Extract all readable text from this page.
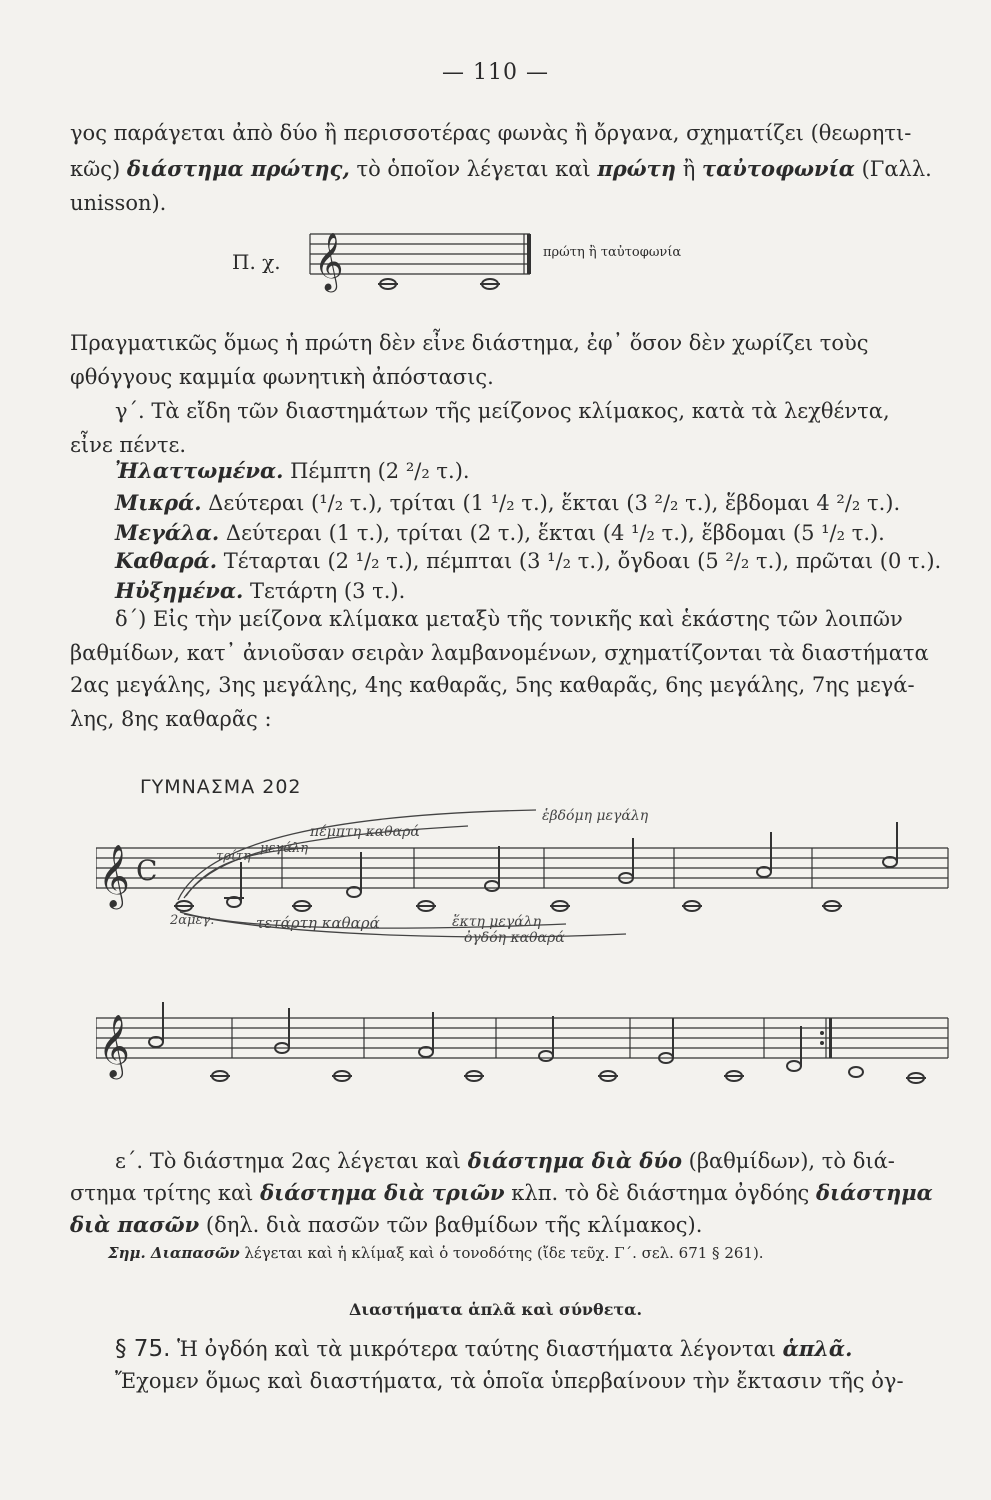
— 110 —
γος παράγεται ἀπὸ δύο ἢ περισσοτέρας φωνὰς ἢ ὄργανα, σχηματίζει (θεωρητι-
κῶς) διάστημα πρώτης, τὸ ὁποῖον λέγεται καὶ πρώτη ἢ ταὐτοφωνία (Γαλλ.
unisson).
Π. χ. 𝄞	πρώτη ἢ ταὐτοφωνία
Πραγματικῶς ὅμως ἡ πρώτη δὲν εἶνε διάστημα, ἐφ᾿ ὅσον δὲν χωρίζει τοὺς
φθόγγους καμμία φωνητικὴ ἀπόστασις.
γ΄. Τὰ εἴδη τῶν διαστημάτων τῆς μείζονος κλίμακος, κατὰ τὰ λεχθέντα,
εἶνε πέντε.
Ἠλαττωμένα. Πέμπτη (2 ²/₂ τ.).
Μικρά. Δεύτεραι (¹/₂ τ.), τρίται (1 ¹/₂ τ.), ἕκται (3 ²/₂ τ.), ἕβδομαι 4 ²/₂ τ.).
Μεγάλα. Δεύτεραι (1 τ.), τρίται (2 τ.), ἕκται (4 ¹/₂ τ.), ἕβδομαι (5 ¹/₂ τ.).
Καθαρά. Τέταρται (2 ¹/₂ τ.), πέμπται (3 ¹/₂ τ.), ὄγδοαι (5 ²/₂ τ.), πρῶται (0 τ.).
Ηὐξημένα. Τετάρτη (3 τ.).
δ΄) Εἰς τὴν μείζονα κλίμακα μεταξὺ τῆς τονικῆς καὶ ἑκάστης τῶν λοιπῶν
βαθμίδων, κατ᾿ ἀνιοῦσαν σειρὰν λαμβανομένων, σχηματίζονται τὰ διαστήματα
2ας μεγάλης, 3ης μεγάλης, 4ης καθαρᾶς, 5ης καθαρᾶς, 6ης μεγάλης, 7ης μεγά-
λης, 8ης καθαρᾶς :
ΓΥΜΝΑΣΜΑ 202
𝄞 C
ἑβδόμη μεγάλη
πέμπτη καθαρά
τρίτη
μεγάλη
2αμεγ.	τετάρτη καθαρά	ἕκτη μεγάλη
ὀγδόη καθαρά
𝄞
ε΄. Τὸ διάστημα 2ας λέγεται καὶ διάστημα διὰ δύο (βαθμίδων), τὸ διά-
στημα τρίτης καὶ διάστημα διὰ τριῶν κλπ. τὸ δὲ διάστημα ὀγδόης διάστημα
διὰ πασῶν (δηλ. διὰ πασῶν τῶν βαθμίδων τῆς κλίμακος).
Σημ. Διαπασῶν λέγεται καὶ ἡ κλίμαξ καὶ ὁ τονοδότης (ἴδε τεῦχ. Γ΄. σελ. 671 § 261).
Διαστήματα ἁπλᾶ καὶ σύνθετα.
§ 75. Ἡ ὀγδόη καὶ τὰ μικρότερα ταύτης διαστήματα λέγονται ἁπλᾶ.
Ἔχομεν ὅμως καὶ διαστήματα, τὰ ὁποῖα ὑπερβαίνουν τὴν ἔκτασιν τῆς ὀγ-
